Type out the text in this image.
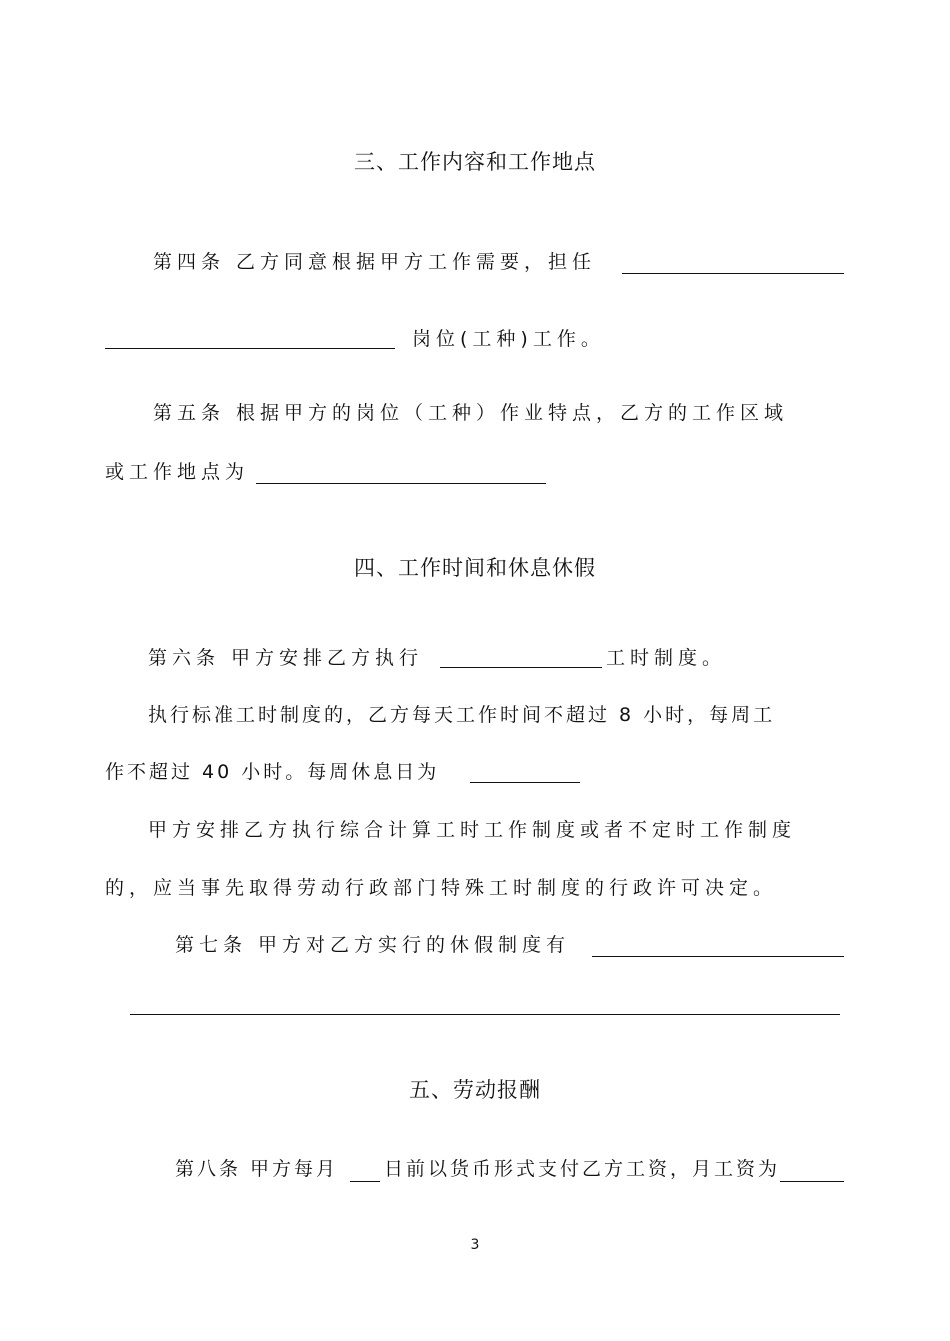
三、工作内容和工作地点
第四条 乙方同意根据甲方工作需要，担任
岗位(工种)工作。
第五条 根据甲方的岗位（工种）作业特点，乙方的工作区域
或工作地点为
四、工作时间和休息休假
第六条 甲方安排乙方执行	工时制度。
执行标准工时制度的，乙方每天工作时间不超过 8 小时，每周工
作不超过 40 小时。每周休息日为
甲方安排乙方执行综合计算工时工作制度或者不定时工作制度
的，应当事先取得劳动行政部门特殊工时制度的行政许可决定。
第七条 甲方对乙方实行的休假制度有
五、劳动报酬
第八条 甲方每月 日前以货币形式支付乙方工资，月工资为
3
